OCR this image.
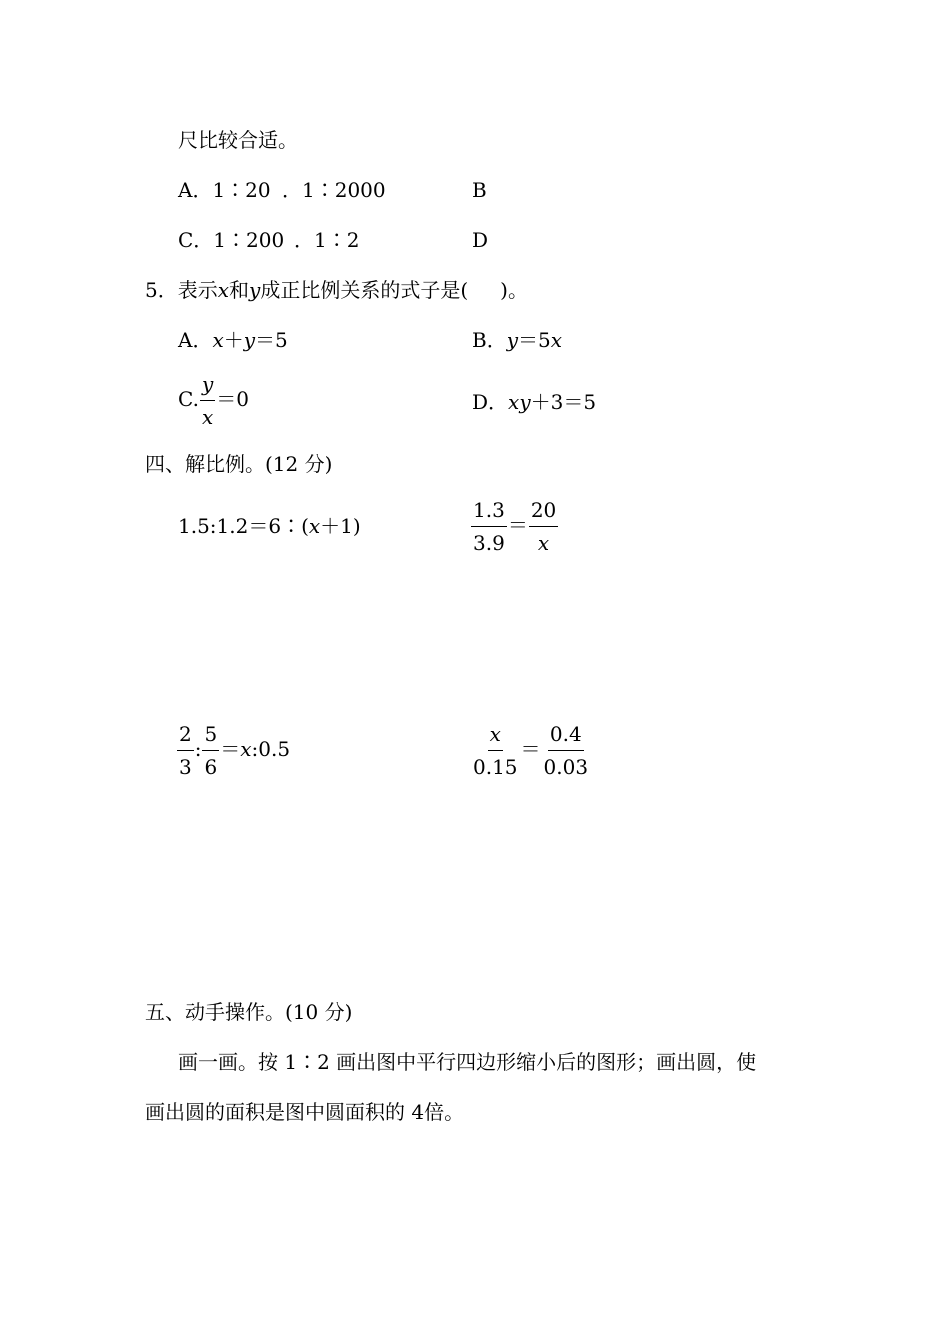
尺比较合适。
A．1∶20 ．1∶2000	B
C．1∶200 ．1∶2	D
5．表示x和y成正比例关系的式子是( )。
A．x＋y＝5	B．y＝5x
C. $\frac{y}{x} =0$	D．xy＋3＝5
四、解比例。(12 分)
1.5:1.2＝6∶(x＋1)	$\frac{1.3}{3.9} = \frac{20}{x}$
$\frac{2}{3}$ : $\frac{5}{6}$ ＝x:0.5	$\frac{x}{0.15} = \frac{0.4}{0.03}$
五、动手操作。(10 分)
画一画。按 1∶2 画出图中平行四边形缩小后的图形；画出圆，使
画出圆的面积是图中圆面积的 4倍。
